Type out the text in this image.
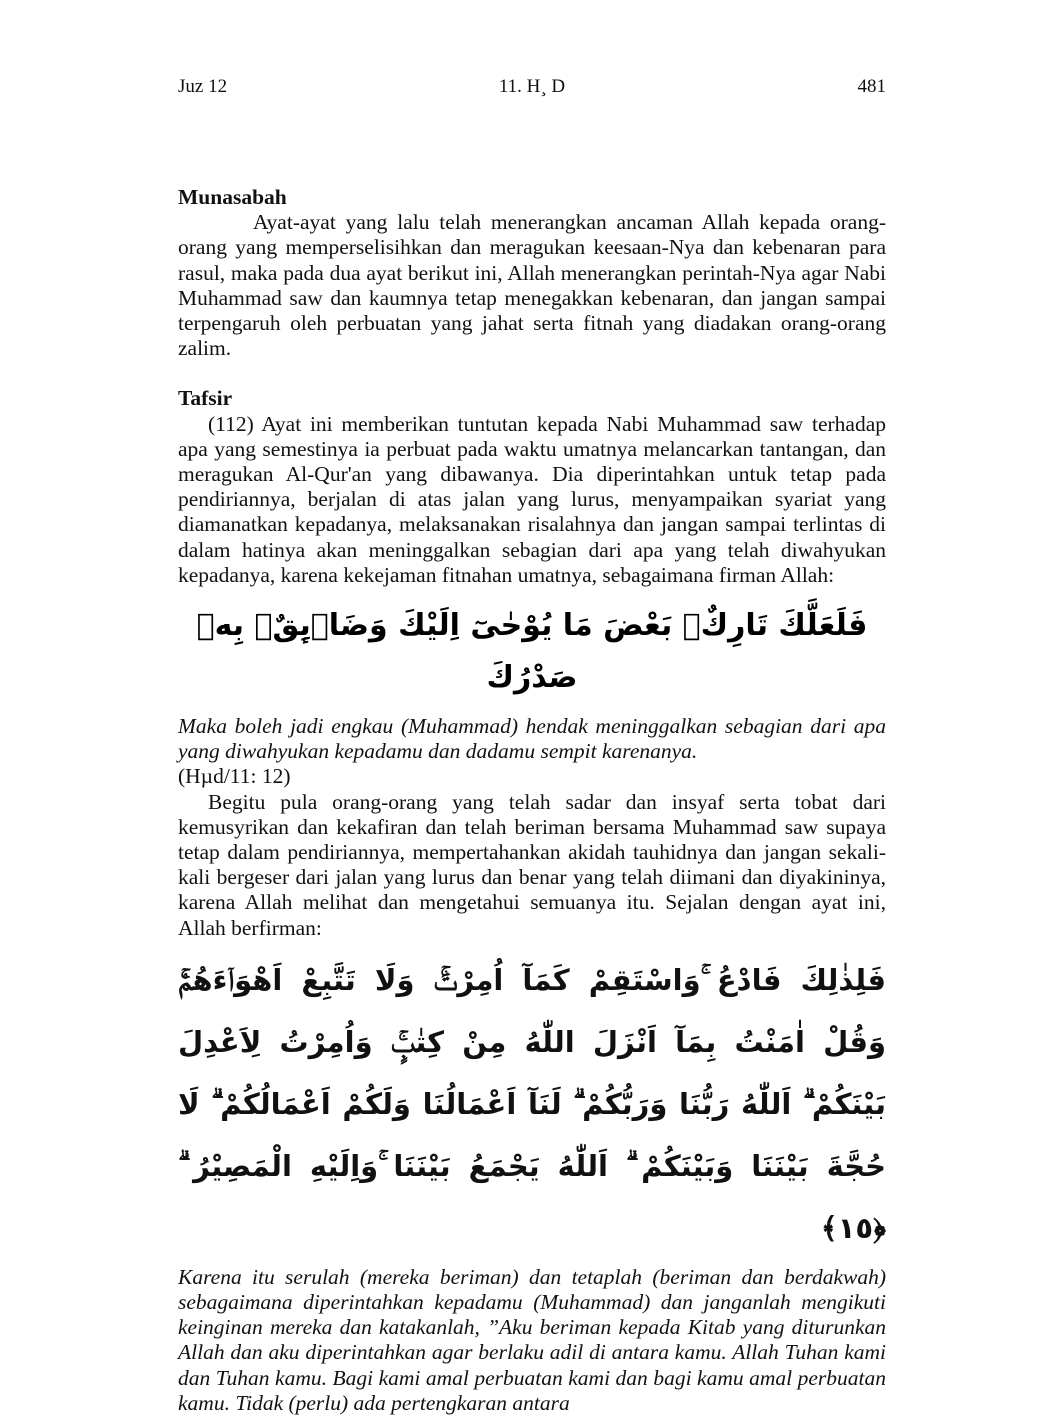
Juz 12	11. H¸ D	481

Munasabah

Ayat-ayat yang lalu telah menerangkan ancaman Allah kepada orang-orang yang memperselisihkan dan meragukan keesaan-Nya dan kebenaran para rasul, maka pada dua ayat berikut ini, Allah menerangkan perintah-Nya agar Nabi Muhammad saw dan kaumnya tetap menegakkan kebenaran, dan jangan sampai terpengaruh oleh perbuatan yang jahat serta fitnah yang diadakan orang-orang zalim.

Tafsir

(112) Ayat ini memberikan tuntutan kepada Nabi Muhammad saw terhadap apa yang semestinya ia perbuat pada waktu umatnya melancarkan tantangan, dan meragukan Al-Qur'an yang dibawanya. Dia diperintahkan untuk tetap pada pendiriannya, berjalan di atas jalan yang lurus, menyampaikan syariat yang diamanatkan kepadanya, melaksanakan risalahnya dan jangan sampai terlintas di dalam hatinya akan meninggalkan sebagian dari apa yang telah diwahyukan kepadanya, karena kekejaman fitnahan umatnya, sebagaimana firman Allah:

فَلَعَلَّكَ تَارِكٌۢ بَعْضَ مَا يُوْحٰىٓ اِلَيْكَ وَضَاۤىِٕقٌۢ بِهٖ صَدْرُكَ

Maka boleh jadi engkau (Muhammad) hendak meninggalkan sebagian dari apa yang diwahyukan kepadamu dan dadamu sempit karenanya.

(Hµd/11: 12)

Begitu pula orang-orang yang telah sadar dan insyaf serta tobat dari kemusyrikan dan kekafiran dan telah beriman bersama Muhammad saw supaya tetap dalam pendiriannya, mempertahankan akidah tauhidnya dan jangan sekali-kali bergeser dari jalan yang lurus dan benar yang telah diimani dan diyakininya, karena Allah melihat dan mengetahui semuanya itu. Sejalan dengan ayat ini, Allah berfirman:

فَلِذٰلِكَ فَادْعُ ۚوَاسْتَقِمْ كَمَآ اُمِرْتَۚ وَلَا تَتَّبِعْ اَهْوَاۤءَهُمْۚ وَقُلْ اٰمَنْتُ بِمَآ اَنْزَلَ اللّٰهُ مِنْ كِتٰبٍۚ وَاُمِرْتُ لِاَعْدِلَ بَيْنَكُمْ ۗ اَللّٰهُ رَبُّنَا وَرَبُّكُمْ ۗ لَنَآ اَعْمَالُنَا وَلَكُمْ اَعْمَالُكُمْ ۗ لَا حُجَّةَ بَيْنَنَا وَبَيْنَكُمْ ۗ اَللّٰهُ يَجْمَعُ بَيْنَنَا ۚوَاِلَيْهِ الْمَصِيْرُ ۗ ﴿١٥﴾

Karena itu serulah (mereka beriman) dan tetaplah (beriman dan berdakwah) sebagaimana diperintahkan kepadamu (Muhammad) dan janganlah mengikuti keinginan mereka dan katakanlah, ”Aku beriman kepada Kitab yang diturunkan Allah dan aku diperintahkan agar berlaku adil di antara kamu. Allah Tuhan kami dan Tuhan kamu. Bagi kami amal perbuatan kami dan bagi kamu amal perbuatan kamu. Tidak (perlu) ada pertengkaran antara
